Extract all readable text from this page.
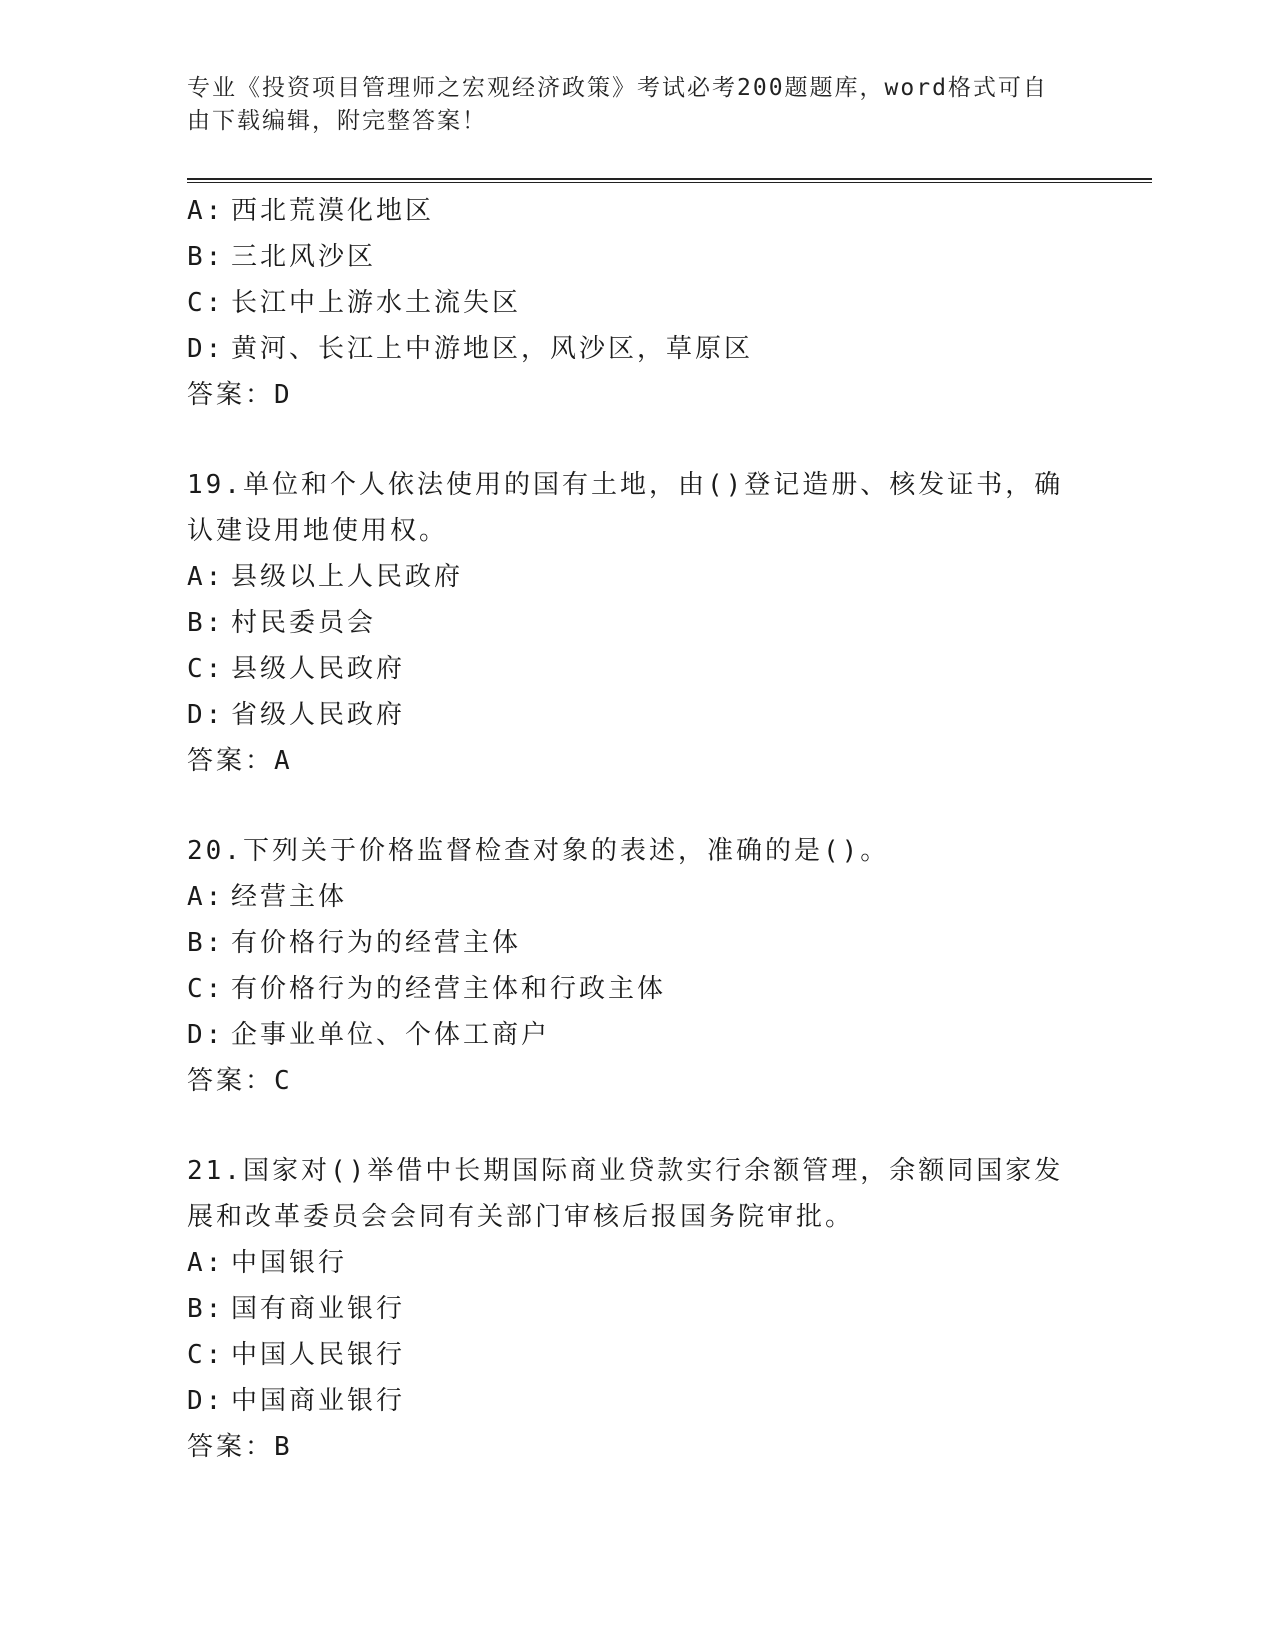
专业《投资项目管理师之宏观经济政策》考试必考200题题库，word格式可自由下载编辑，附完整答案！
A: 西北荒漠化地区
B: 三北风沙区
C: 长江中上游水土流失区
D: 黄河、长江上中游地区，风沙区，草原区
答案：D
19.单位和个人依法使用的国有土地，由()登记造册、核发证书，确认建设用地使用权。
A: 县级以上人民政府
B: 村民委员会
C: 县级人民政府
D: 省级人民政府
答案：A
20.下列关于价格监督检查对象的表述，准确的是()。
A: 经营主体
B: 有价格行为的经营主体
C: 有价格行为的经营主体和行政主体
D: 企事业单位、个体工商户
答案：C
21.国家对()举借中长期国际商业贷款实行余额管理，余额同国家发展和改革委员会会同有关部门审核后报国务院审批。
A: 中国银行
B: 国有商业银行
C: 中国人民银行
D: 中国商业银行
答案：B
